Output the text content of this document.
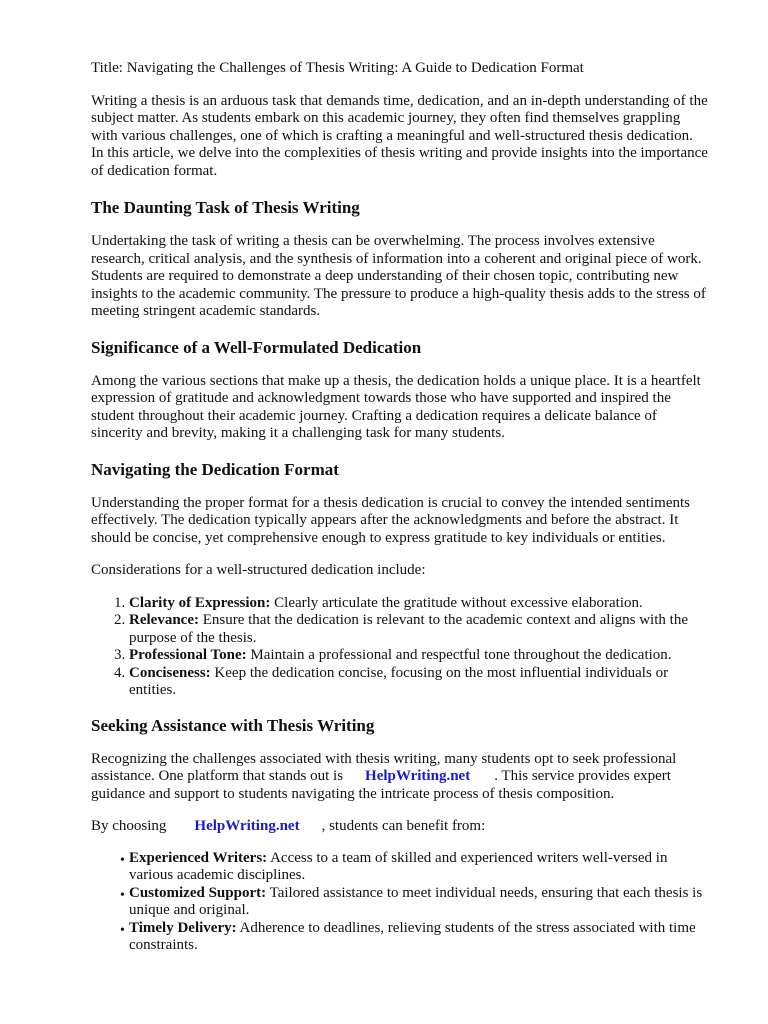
Title: Navigating the Challenges of Thesis Writing: A Guide to Dedication Format

Writing a thesis is an arduous task that demands time, dedication, and an in-depth understanding of the subject matter. As students embark on this academic journey, they often find themselves grappling with various challenges, one of which is crafting a meaningful and well-structured thesis dedication. In this article, we delve into the complexities of thesis writing and provide insights into the importance of dedication format.

The Daunting Task of Thesis Writing

Undertaking the task of writing a thesis can be overwhelming. The process involves extensive research, critical analysis, and the synthesis of information into a coherent and original piece of work. Students are required to demonstrate a deep understanding of their chosen topic, contributing new insights to the academic community. The pressure to produce a high-quality thesis adds to the stress of meeting stringent academic standards.

Significance of a Well-Formulated Dedication

Among the various sections that make up a thesis, the dedication holds a unique place. It is a heartfelt expression of gratitude and acknowledgment towards those who have supported and inspired the student throughout their academic journey. Crafting a dedication requires a delicate balance of sincerity and brevity, making it a challenging task for many students.

Navigating the Dedication Format

Understanding the proper format for a thesis dedication is crucial to convey the intended sentiments effectively. The dedication typically appears after the acknowledgments and before the abstract. It should be concise, yet comprehensive enough to express gratitude to key individuals or entities.

Considerations for a well-structured dedication include:

1. Clarity of Expression: Clearly articulate the gratitude without excessive elaboration.
2. Relevance: Ensure that the dedication is relevant to the academic context and aligns with the purpose of the thesis.
3. Professional Tone: Maintain a professional and respectful tone throughout the dedication.
4. Conciseness: Keep the dedication concise, focusing on the most influential individuals or entities.
Seeking Assistance with Thesis Writing

Recognizing the challenges associated with thesis writing, many students opt to seek professional assistance. One platform that stands out is HelpWriting.net . This service provides expert guidance and support to students navigating the intricate process of thesis composition.

By choosing HelpWriting.net , students can benefit from:

• Experienced Writers: Access to a team of skilled and experienced writers well-versed in various academic disciplines.
• Customized Support: Tailored assistance to meet individual needs, ensuring that each thesis is unique and original.
• Timely Delivery: Adherence to deadlines, relieving students of the stress associated with time constraints.
